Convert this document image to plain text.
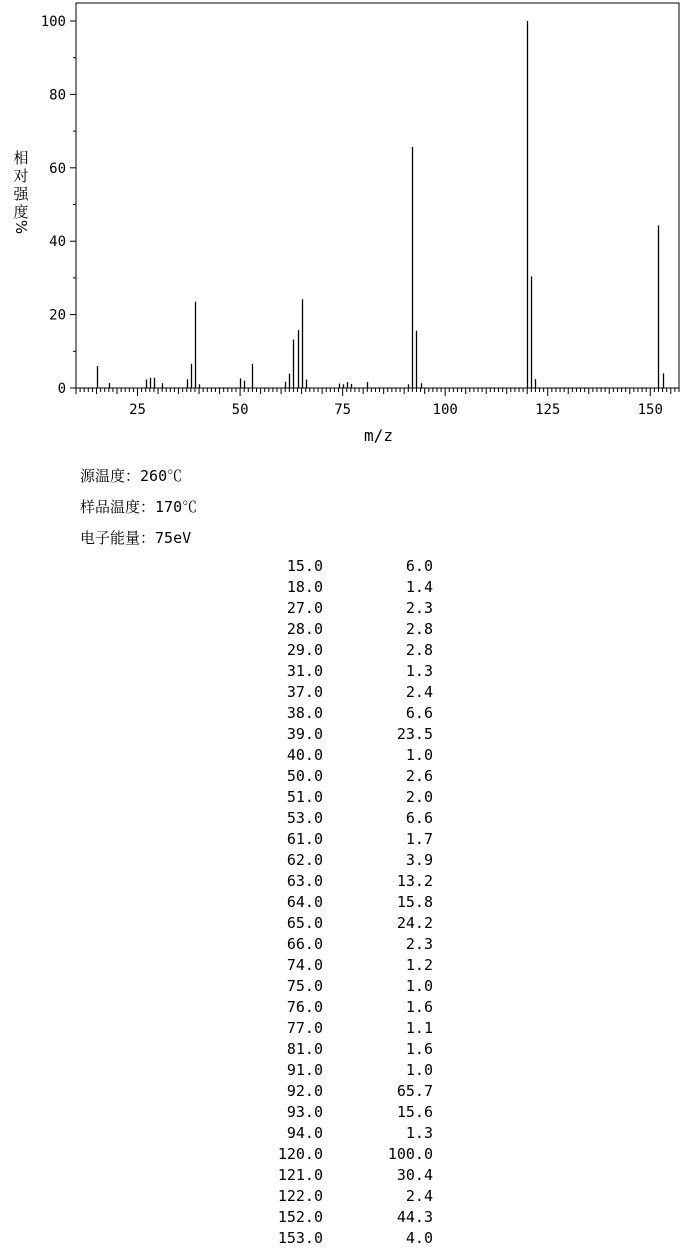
相
对
强
度
%
0
20
40
60
80
100
25	50	75	100	125	150
m/z
源温度：260℃
样品温度：170℃
电子能量：75eV
15.0	6.0
18.0	1.4
27.0	2.3
28.0	2.8
29.0	2.8
31.0	1.3
37.0	2.4
38.0	6.6
39.0	23.5
40.0	1.0
50.0	2.6
51.0	2.0
53.0	6.6
61.0	1.7
62.0	3.9
63.0	13.2
64.0	15.8
65.0	24.2
66.0	2.3
74.0	1.2
75.0	1.0
76.0	1.6
77.0	1.1
81.0	1.6
91.0	1.0
92.0	65.7
93.0	15.6
94.0	1.3
120.0	100.0
121.0	30.4
122.0	2.4
152.0	44.3
153.0	4.0
